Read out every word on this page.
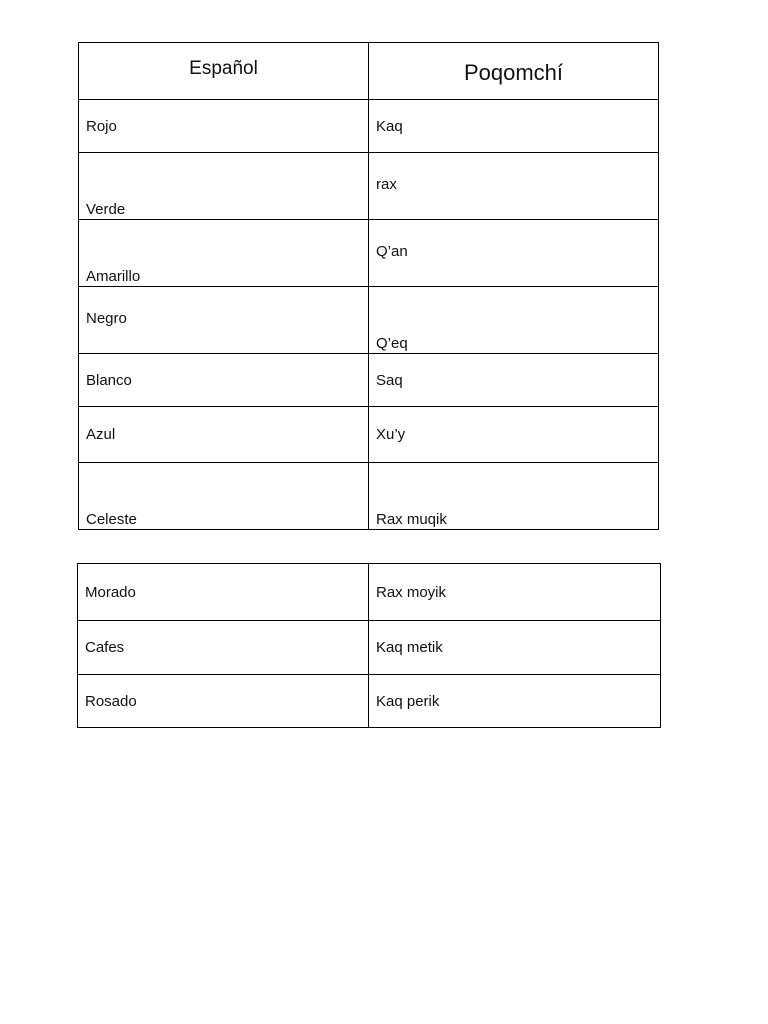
Español	Poqomchí
Rojo	Kaq
Verde	rax
Amarillo	Q’an
Negro	Q’eq
Blanco	Saq
Azul	Xu’y
Celeste	Rax muqik
Morado	Rax moyik
Cafes	Kaq metik
Rosado	Kaq perik
